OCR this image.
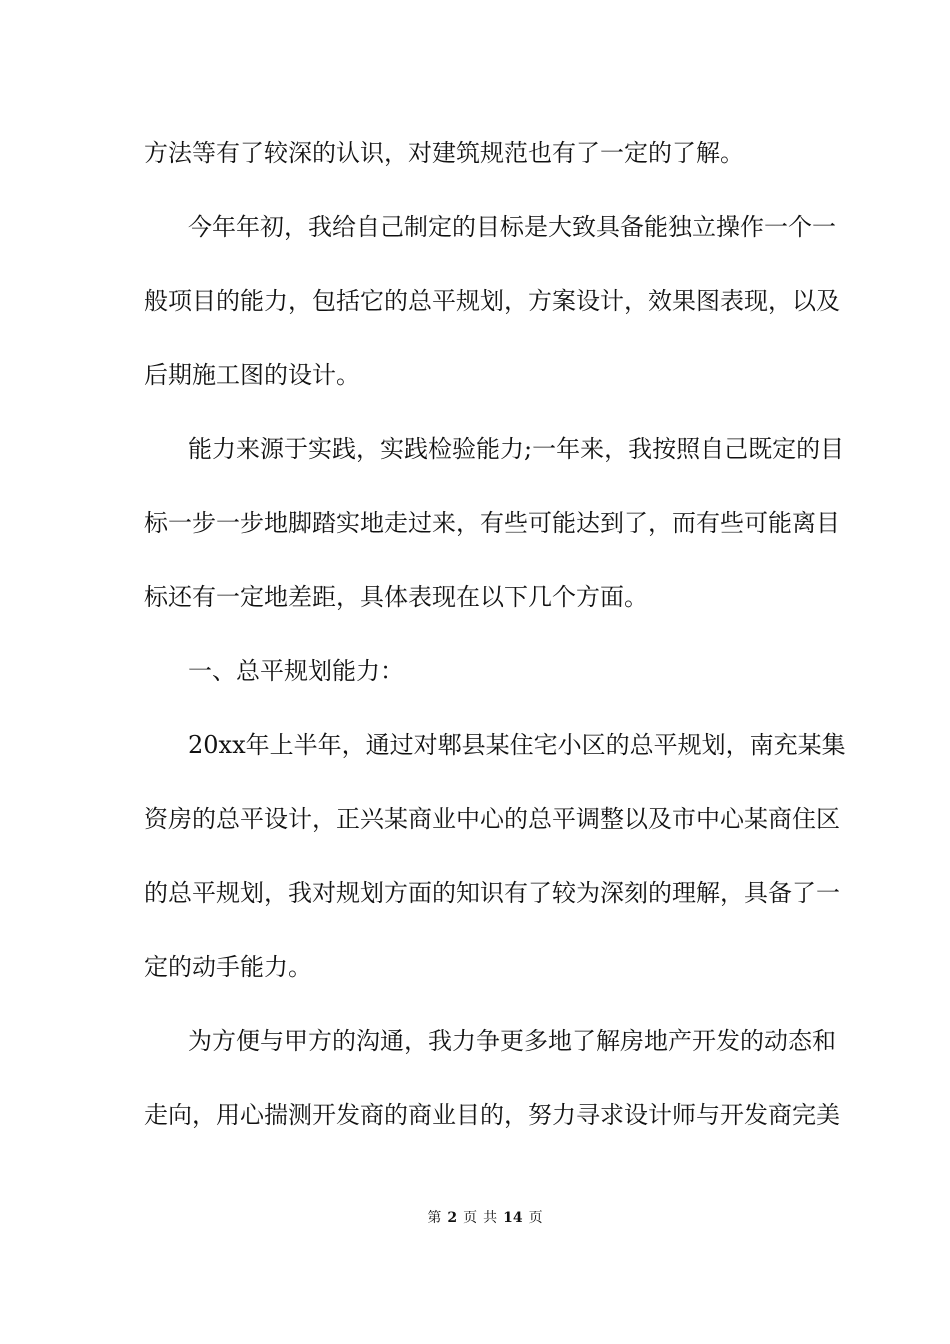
方法等有了较深的认识，对建筑规范也有了一定的了解。
今年年初，我给自己制定的目标是大致具备能独立操作一个一
般项目的能力，包括它的总平规划，方案设计，效果图表现，以及
后期施工图的设计。
能力来源于实践，实践检验能力;一年来，我按照自己既定的目
标一步一步地脚踏实地走过来，有些可能达到了，而有些可能离目
标还有一定地差距，具体表现在以下几个方面。
一、总平规划能力：
20xx年上半年，通过对郫县某住宅小区的总平规划，南充某集
资房的总平设计，正兴某商业中心的总平调整以及市中心某商住区
的总平规划，我对规划方面的知识有了较为深刻的理解，具备了一
定的动手能力。
为方便与甲方的沟通，我力争更多地了解房地产开发的动态和
走向，用心揣测开发商的商业目的，努力寻求设计师与开发商完美
第 2 页 共 14 页
